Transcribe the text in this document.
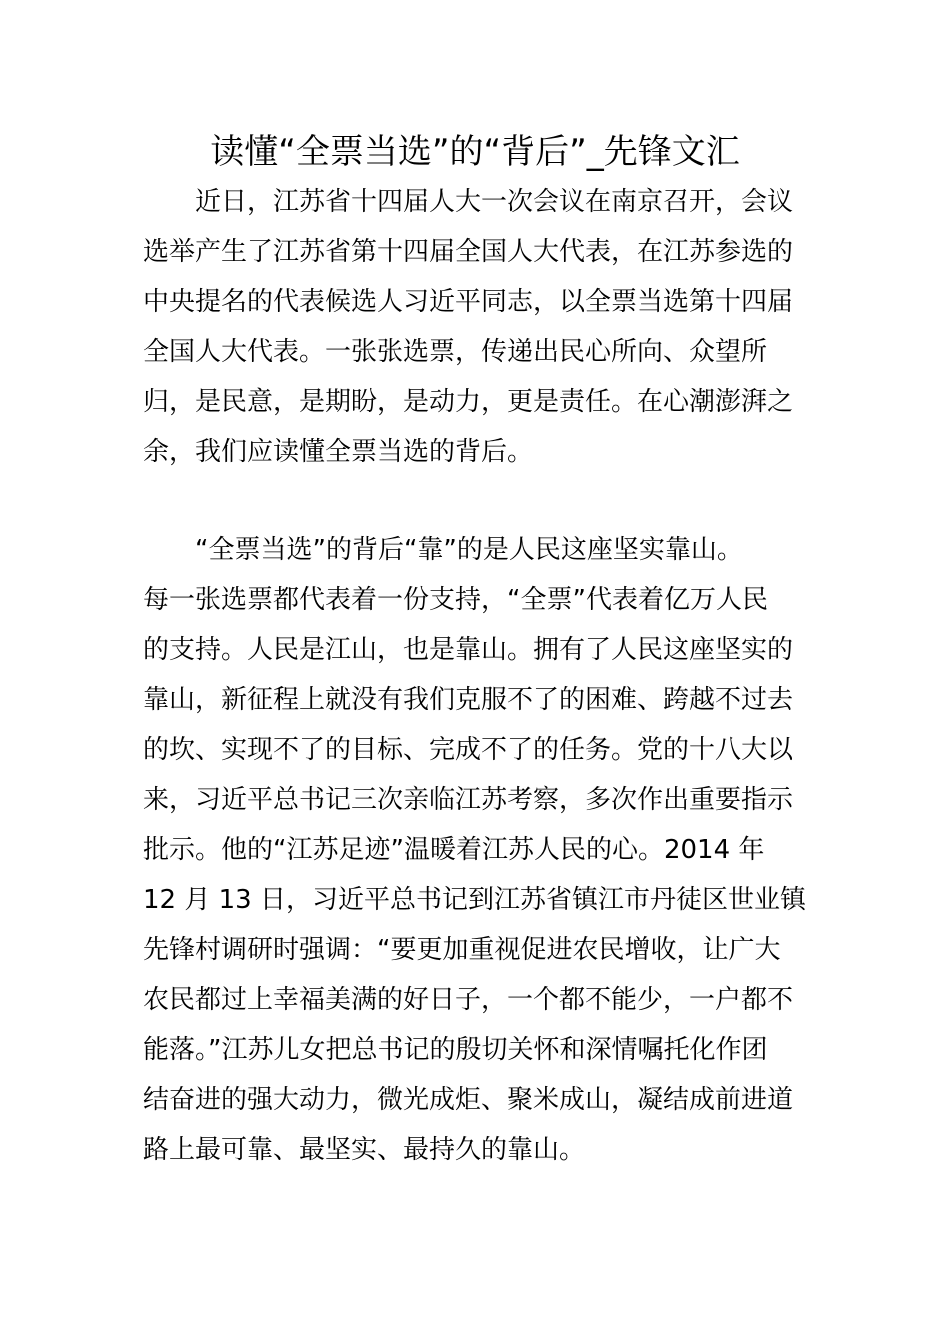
读懂“全票当选”的“背后”_先锋文汇
近日，江苏省十四届人大一次会议在南京召开，会议
选举产生了江苏省第十四届全国人大代表，在江苏参选的
中央提名的代表候选人习近平同志，以全票当选第十四届
全国人大代表。一张张选票，传递出民心所向、众望所
归，是民意，是期盼，是动力，更是责任。在心潮澎湃之
余，我们应读懂全票当选的背后。
“全票当选”的背后“靠”的是人民这座坚实靠山。
每一张选票都代表着一份支持，“全票”代表着亿万人民
的支持。人民是江山，也是靠山。拥有了人民这座坚实的
靠山，新征程上就没有我们克服不了的困难、跨越不过去
的坎、实现不了的目标、完成不了的任务。党的十八大以
来，习近平总书记三次亲临江苏考察，多次作出重要指示
批示。他的“江苏足迹”温暖着江苏人民的心。2014 年
12 月 13 日，习近平总书记到江苏省镇江市丹徒区世业镇
先锋村调研时强调：“要更加重视促进农民增收，让广大
农民都过上幸福美满的好日子，一个都不能少，一户都不
能落。”江苏儿女把总书记的殷切关怀和深情嘱托化作团
结奋进的强大动力，微光成炬、聚米成山，凝结成前进道
路上最可靠、最坚实、最持久的靠山。
